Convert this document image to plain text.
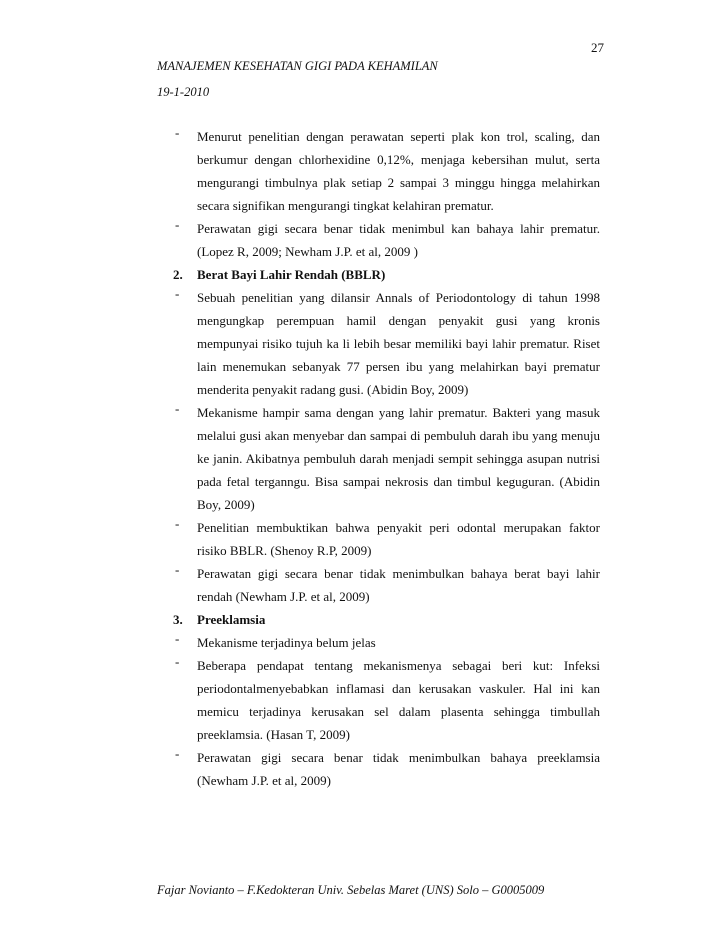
27
MANAJEMEN KESEHATAN GIGI PADA KEHAMILAN
19-1-2010
-	Menurut penelitian dengan perawatan seperti plak kon trol, scaling, dan berkumur dengan chlorhexidine 0,12%, menjaga kebersihan mulut, serta mengurangi timbulnya plak setiap 2 sampai 3 minggu hingga melahirkan secara signifikan mengurangi tingkat kelahiran prematur.
-	Perawatan gigi secara benar tidak menimbul kan bahaya lahir prematur. (Lopez R, 2009; Newham J.P. et al, 2009 )
2. Berat Bayi Lahir Rendah (BBLR)
-	Sebuah penelitian yang dilansir Annals of Periodontology di tahun 1998 mengungkap perempuan hamil dengan penyakit gusi yang kronis mempunyai risiko tujuh ka li lebih besar memiliki bayi lahir prematur. Riset lain menemukan sebanyak 77 persen ibu yang melahirkan bayi prematur menderita penyakit radang gusi. (Abidin Boy, 2009)
-	Mekanisme hampir sama dengan yang lahir prematur. Bakteri yang masuk melalui gusi akan menyebar dan sampai di pembuluh darah ibu yang menuju ke janin. Akibatnya pembuluh darah menjadi sempit sehingga asupan nutrisi pada fetal terganngu. Bisa sampai nekrosis dan timbul keguguran. (Abidin Boy, 2009)
-	Penelitian membuktikan bahwa penyakit peri odontal merupakan faktor risiko BBLR. (Shenoy R.P, 2009)
-	Perawatan gigi secara benar tidak menimbulkan bahaya berat bayi lahir rendah (Newham J.P. et al, 2009)
3. Preeklamsia
-	Mekanisme terjadinya belum jelas
-	Beberapa pendapat tentang mekanismenya sebagai beri kut: Infeksi periodontalmenyebabkan inflamasi dan kerusakan vaskuler. Hal ini kan memicu terjadinya kerusakan sel dalam plasenta sehingga timbullah preeklamsia. (Hasan T, 2009)
-	Perawatan gigi secara benar tidak menimbulkan bahaya preeklamsia (Newham J.P. et al, 2009)
Fajar Novianto – F.Kedokteran Univ. Sebelas Maret (UNS) Solo – G0005009
